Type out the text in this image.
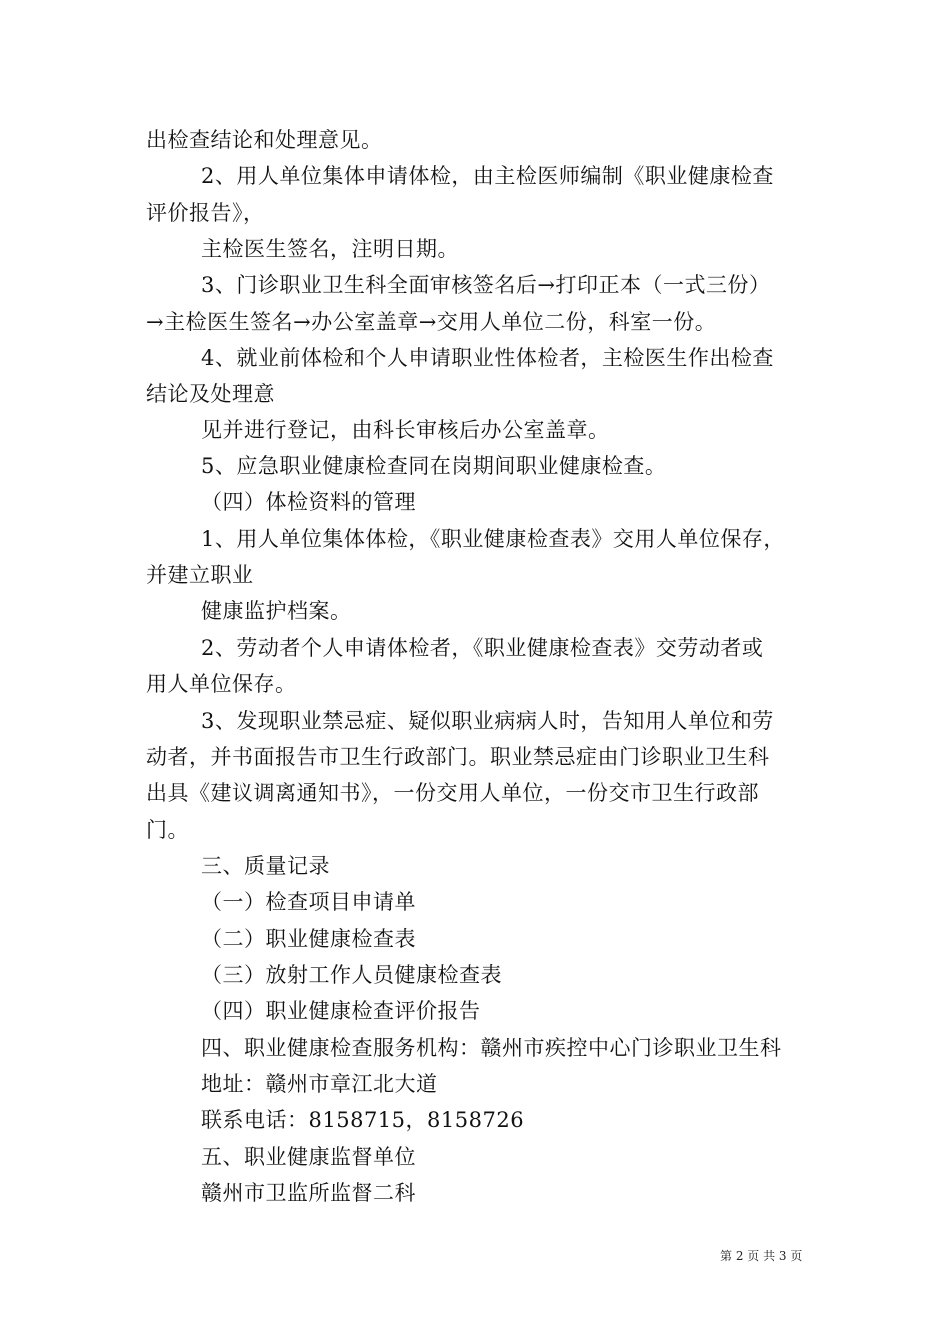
出检查结论和处理意见。
2、用人单位集体申请体检，由主检医师编制《职业健康检查
评价报告》，
主检医生签名，注明日期。
3、门诊职业卫生科全面审核签名后→打印正本（一式三份）
→主检医生签名→办公室盖章→交用人单位二份，科室一份。
4、就业前体检和个人申请职业性体检者，主检医生作出检查
结论及处理意
见并进行登记，由科长审核后办公室盖章。
5、应急职业健康检查同在岗期间职业健康检查。
（四）体检资料的管理
1、用人单位集体体检，《职业健康检查表》交用人单位保存，
并建立职业
健康监护档案。
2、劳动者个人申请体检者，《职业健康检查表》交劳动者或
用人单位保存。
3、发现职业禁忌症、疑似职业病病人时，告知用人单位和劳
动者，并书面报告市卫生行政部门。职业禁忌症由门诊职业卫生科
出具《建议调离通知书》，一份交用人单位，一份交市卫生行政部
门。
三、质量记录
（一）检查项目申请单
（二）职业健康检查表
（三）放射工作人员健康检查表
（四）职业健康检查评价报告
四、职业健康检查服务机构：赣州市疾控中心门诊职业卫生科
地址：赣州市章江北大道
联系电话：8158715，8158726
五、职业健康监督单位
赣州市卫监所监督二科
第 2 页 共 3 页
